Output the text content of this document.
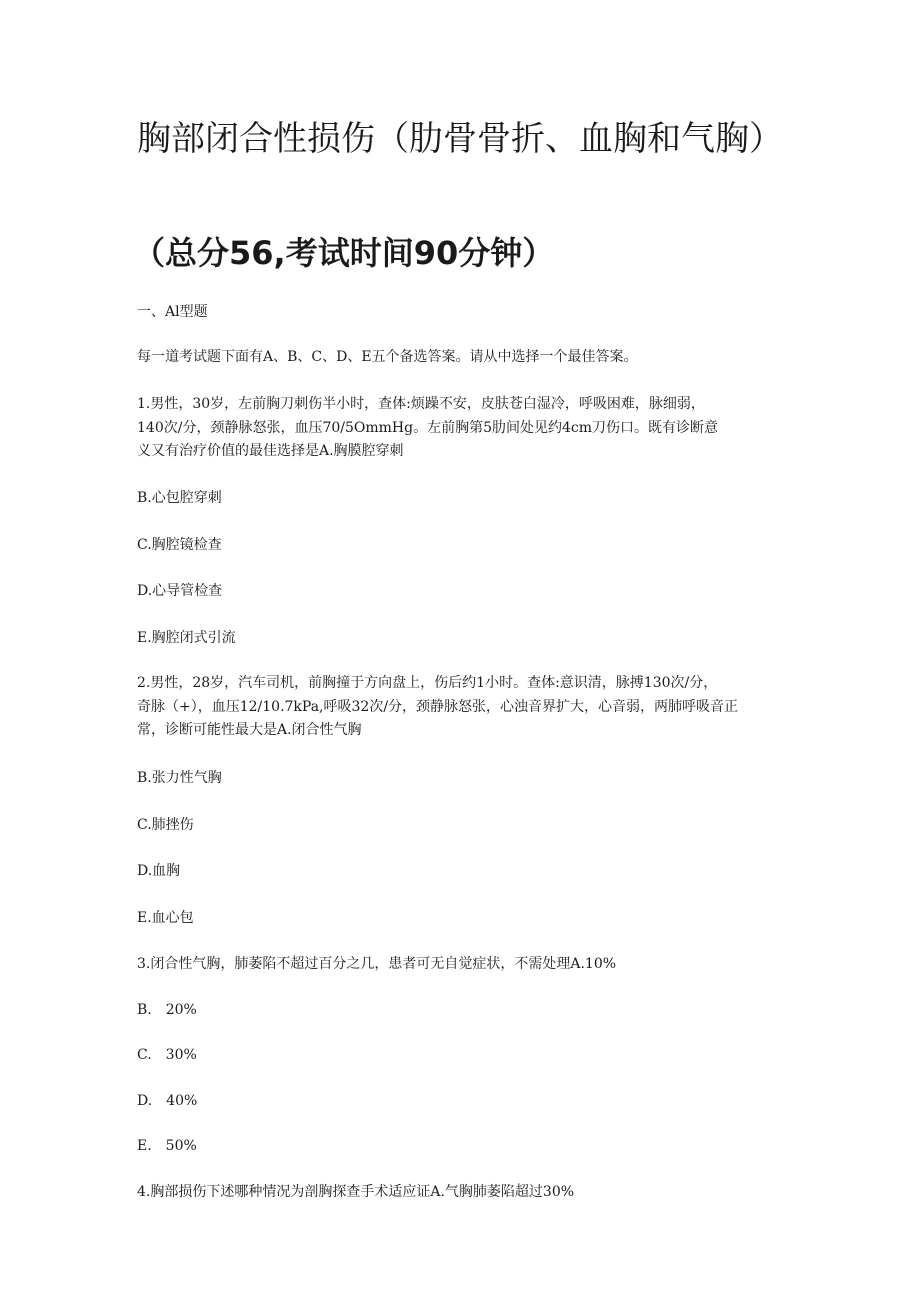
胸部闭合性损伤（肋骨骨折、血胸和气胸）
（总分56,考试时间90分钟）

一、Al型题

每一道考试题下面有A、B、C、D、E五个备选答案。请从中选择一个最佳答案。

1.男性，30岁，左前胸刀刺伤半小时，查体:烦躁不安，皮肤苍白湿冷，呼吸困难，脉细弱，
140次/分，颈静脉怒张，血压70/5OmmHg。左前胸第5肋间处见约4cm刀伤口。既有诊断意
义又有治疗价值的最佳选择是A.胸膜腔穿刺

B.心包腔穿刺

C.胸腔镜检查

D.心导管检查

E.胸腔闭式引流

2.男性，28岁，汽车司机，前胸撞于方向盘上，伤后约1小时。查体:意识清，脉搏130次/分，
奇脉（+），血压12/10.7kPa,呼吸32次/分，颈静脉怒张，心浊音界扩大，心音弱，两肺呼吸音正
常，诊断可能性最大是A.闭合性气胸

B.张力性气胸

C.肺挫伤

D.血胸

E.血心包

3.闭合性气胸，肺萎陷不超过百分之几，患者可无自觉症状，不需处理A.10%

B.　20%

C.　30%

D.　40%

E.　50%

4.胸部损伤下述哪种情况为剖胸探查手术适应证A.气胸肺萎陷超过30%
